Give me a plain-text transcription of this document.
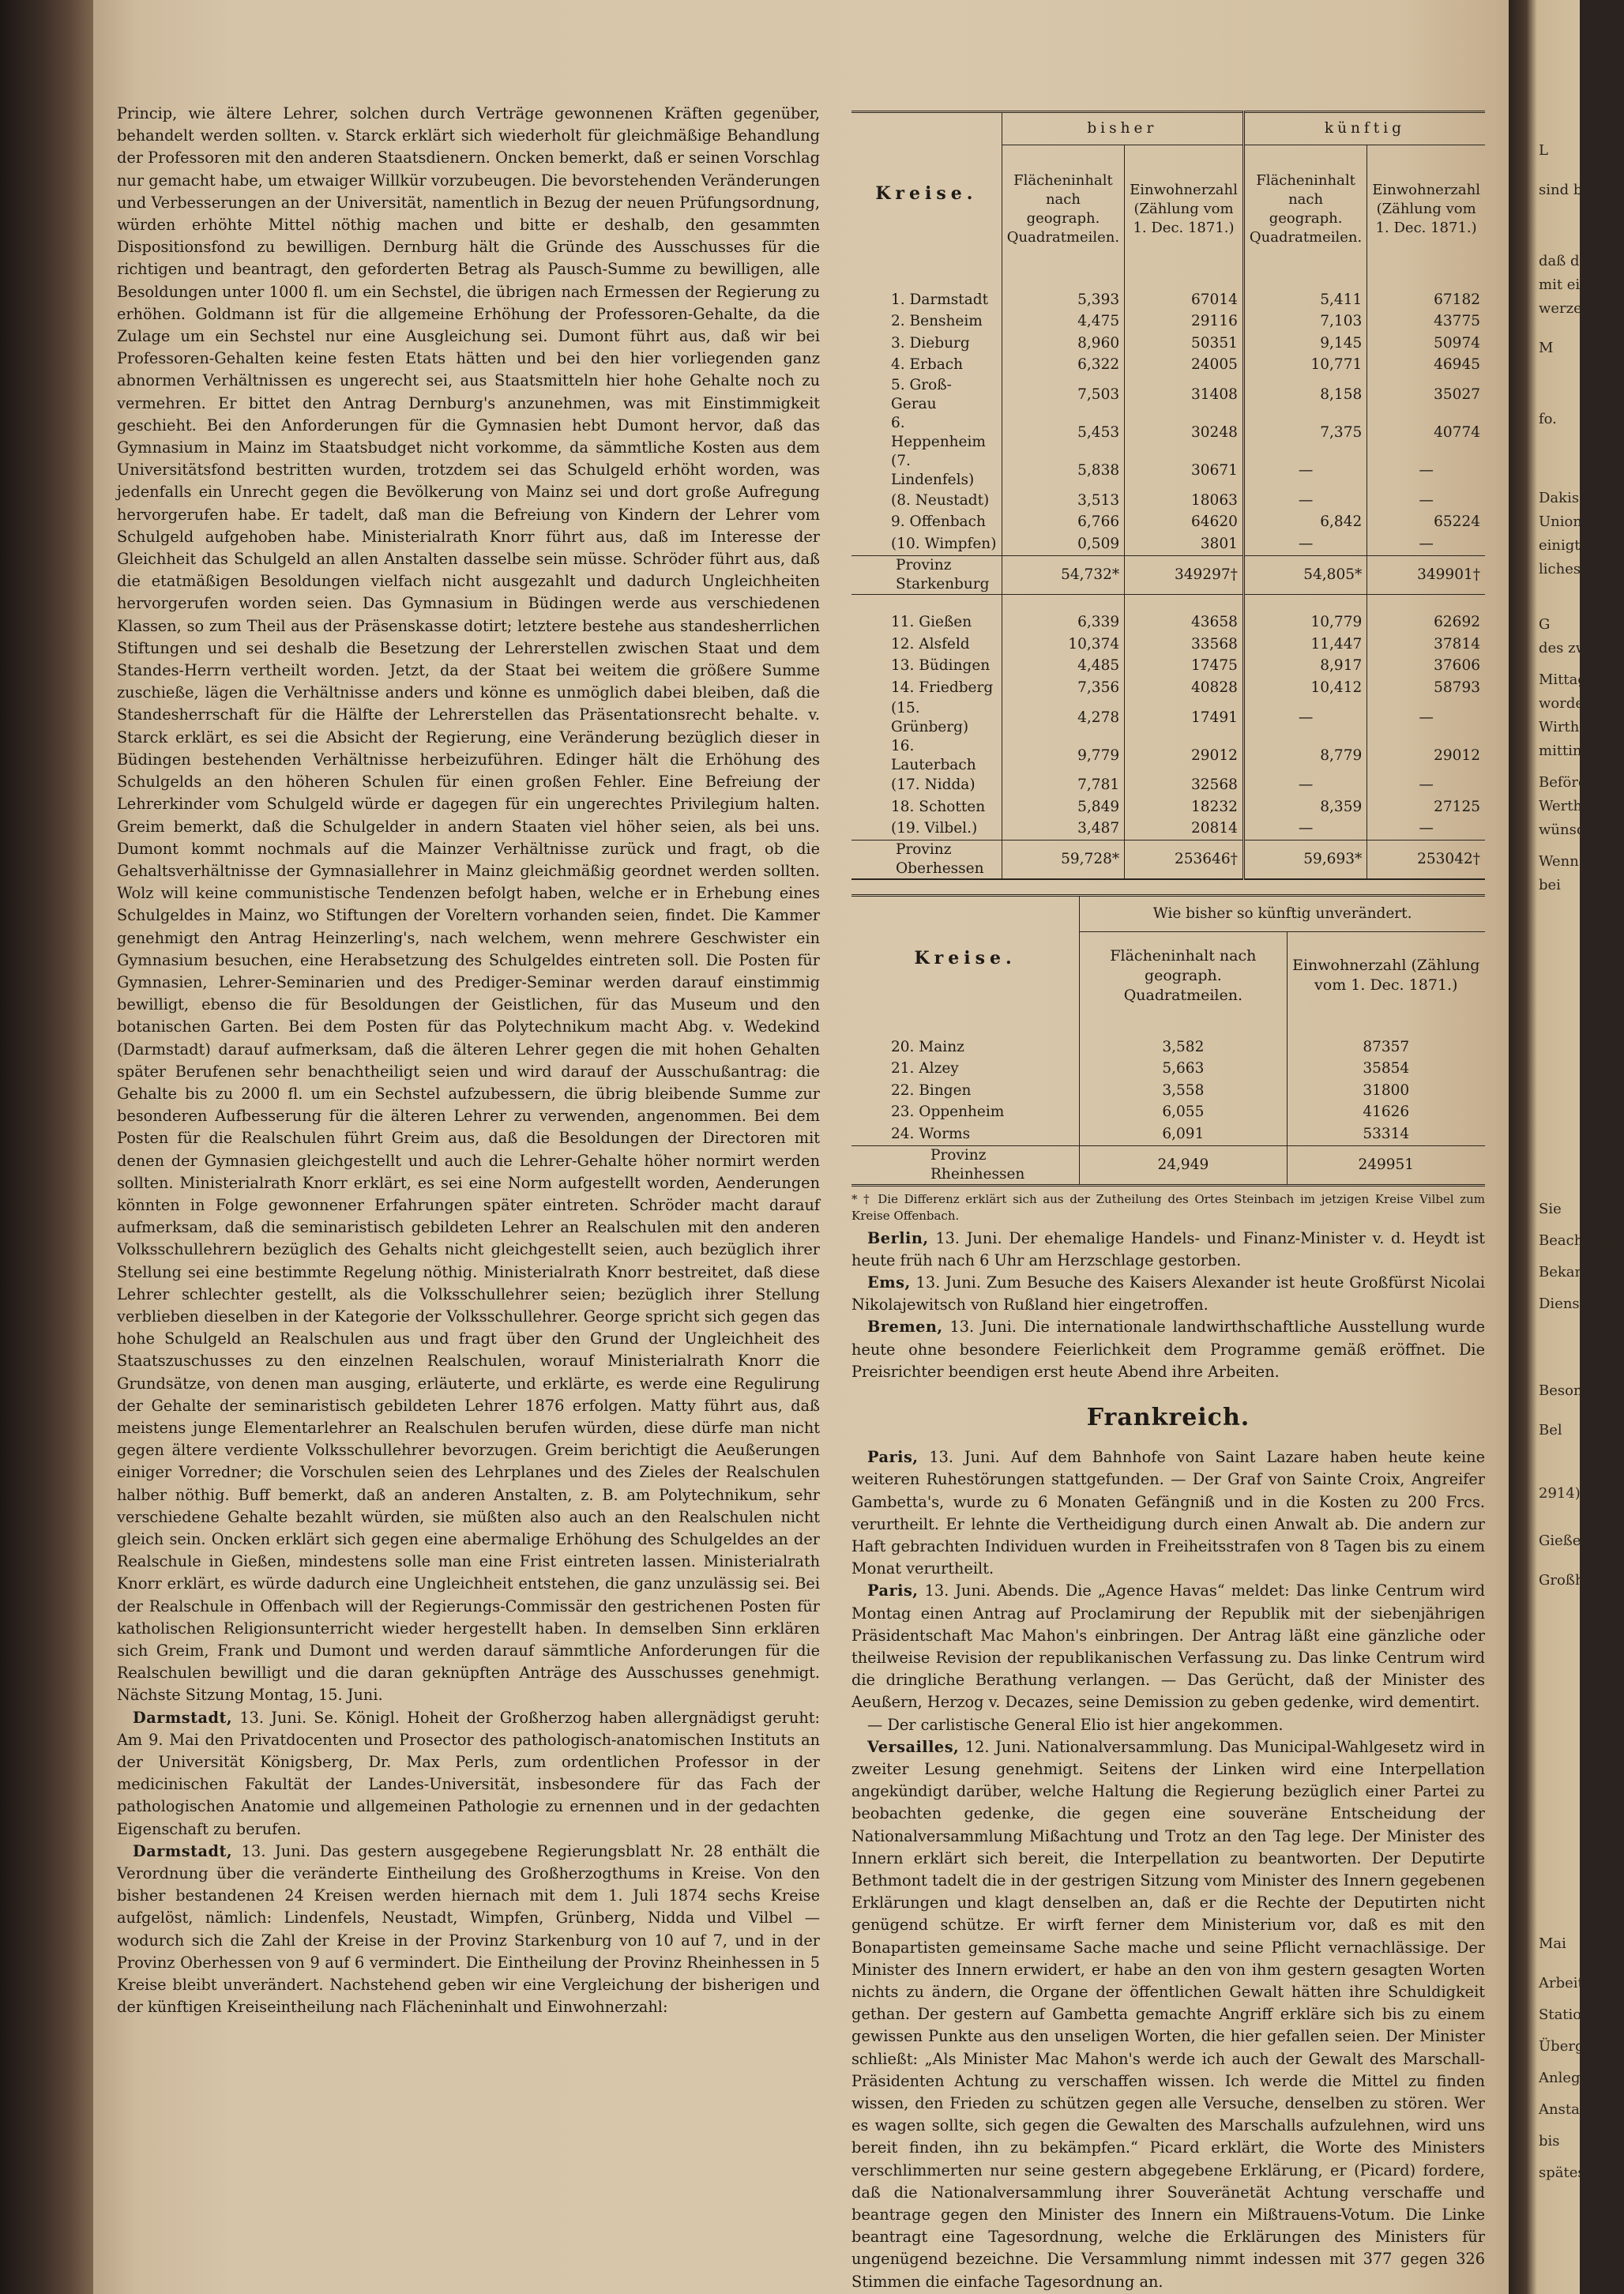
Princip, wie ältere Lehrer, solchen durch Verträge gewonnenen Kräften gegenüber, behandelt werden sollten. v. Starck erklärt sich wiederholt für gleichmäßige Behandlung der Professoren mit den anderen Staatsdienern. Oncken bemerkt, daß er seinen Vorschlag nur gemacht habe, um etwaiger Willkür vorzubeugen. Die bevorstehenden Veränderungen und Verbesserungen an der Universität, namentlich in Bezug der neuen Prüfungsordnung, würden erhöhte Mittel nöthig machen und bitte er deshalb, den gesammten Dispositionsfond zu bewilligen. Dernburg hält die Gründe des Ausschusses für die richtigen und beantragt, den geforderten Betrag als Pausch-Summe zu bewilligen, alle Besoldungen unter 1000 fl. um ein Sechstel, die übrigen nach Ermessen der Regierung zu erhöhen. Goldmann ist für die allgemeine Erhöhung der Professoren-Gehalte, da die Zulage um ein Sechstel nur eine Ausgleichung sei. Dumont führt aus, daß wir bei Professoren-Gehalten keine festen Etats hätten und bei den hier vorliegenden ganz abnormen Verhältnissen es ungerecht sei, aus Staatsmitteln hier hohe Gehalte noch zu vermehren. Er bittet den Antrag Dernburg's anzunehmen, was mit Einstimmigkeit geschieht. Bei den Anforderungen für die Gymnasien hebt Dumont hervor, daß das Gymnasium in Mainz im Staatsbudget nicht vorkomme, da sämmtliche Kosten aus dem Universitätsfond bestritten wurden, trotzdem sei das Schulgeld erhöht worden, was jedenfalls ein Unrecht gegen die Bevölkerung von Mainz sei und dort große Aufregung hervorgerufen habe. Er tadelt, daß man die Befreiung von Kindern der Lehrer vom Schulgeld aufgehoben habe. Ministerialrath Knorr führt aus, daß im Interesse der Gleichheit das Schulgeld an allen Anstalten dasselbe sein müsse. Schröder führt aus, daß die etatmäßigen Besoldungen vielfach nicht ausgezahlt und dadurch Ungleichheiten hervorgerufen worden seien. Das Gymnasium in Büdingen werde aus verschiedenen Klassen, so zum Theil aus der Präsenskasse dotirt; letztere bestehe aus standesherrlichen Stiftungen und sei deshalb die Besetzung der Lehrerstellen zwischen Staat und dem Standes-Herrn vertheilt worden. Jetzt, da der Staat bei weitem die größere Summe zuschieße, lägen die Verhältnisse anders und könne es unmöglich dabei bleiben, daß die Standesherrschaft für die Hälfte der Lehrerstellen das Präsentationsrecht behalte. v. Starck erklärt, es sei die Absicht der Regierung, eine Veränderung bezüglich dieser in Büdingen bestehenden Verhältnisse herbeizuführen. Edinger hält die Erhöhung des Schulgelds an den höheren Schulen für einen großen Fehler. Eine Befreiung der Lehrerkinder vom Schulgeld würde er dagegen für ein ungerechtes Privilegium halten. Greim bemerkt, daß die Schulgelder in andern Staaten viel höher seien, als bei uns. Dumont kommt nochmals auf die Mainzer Verhältnisse zurück und fragt, ob die Gehaltsverhältnisse der Gymnasiallehrer in Mainz gleichmäßig geordnet werden sollten. Wolz will keine communistische Tendenzen befolgt haben, welche er in Erhebung eines Schulgeldes in Mainz, wo Stiftungen der Voreltern vorhanden seien, findet. Die Kammer genehmigt den Antrag Heinzerling's, nach welchem, wenn mehrere Geschwister ein Gymnasium besuchen, eine Herabsetzung des Schulgeldes eintreten soll. Die Posten für Gymnasien, Lehrer-Seminarien und des Prediger-Seminar werden darauf einstimmig bewilligt, ebenso die für Besoldungen der Geistlichen, für das Museum und den botanischen Garten. Bei dem Posten für das Polytechnikum macht Abg. v. Wedekind (Darmstadt) darauf aufmerksam, daß die älteren Lehrer gegen die mit hohen Gehalten später Berufenen sehr benachtheiligt seien und wird darauf der Ausschußantrag: die Gehalte bis zu 2000 fl. um ein Sechstel aufzubessern, die übrig bleibende Summe zur besonderen Aufbesserung für die älteren Lehrer zu verwenden, angenommen. Bei dem Posten für die Realschulen führt Greim aus, daß die Besoldungen der Directoren mit denen der Gymnasien gleichgestellt und auch die Lehrer-Gehalte höher normirt werden sollten. Ministerialrath Knorr erklärt, es sei eine Norm aufgestellt worden, Aenderungen könnten in Folge gewonnener Erfahrungen später eintreten. Schröder macht darauf aufmerksam, daß die seminaristisch gebildeten Lehrer an Realschulen mit den anderen Volksschullehrern bezüglich des Gehalts nicht gleichgestellt seien, auch bezüglich ihrer Stellung sei eine bestimmte Regelung nöthig. Ministerialrath Knorr bestreitet, daß diese Lehrer schlechter gestellt, als die Volksschullehrer seien; bezüglich ihrer Stellung verblieben dieselben in der Kategorie der Volksschullehrer. George spricht sich gegen das hohe Schulgeld an Realschulen aus und fragt über den Grund der Ungleichheit des Staatszuschusses zu den einzelnen Realschulen, worauf Ministerialrath Knorr die Grundsätze, von denen man ausging, erläuterte, und erklärte, es werde eine Regulirung der Gehalte der seminaristisch gebildeten Lehrer 1876 erfolgen. Matty führt aus, daß meistens junge Elementarlehrer an Realschulen berufen würden, diese dürfe man nicht gegen ältere verdiente Volksschullehrer bevorzugen. Greim berichtigt die Aeußerungen einiger Vorredner; die Vorschulen seien des Lehrplanes und des Zieles der Realschulen halber nöthig. Buff bemerkt, daß an anderen Anstalten, z. B. am Polytechnikum, sehr verschiedene Gehalte bezahlt würden, sie müßten also auch an den Realschulen nicht gleich sein. Oncken erklärt sich gegen eine abermalige Erhöhung des Schulgeldes an der Realschule in Gießen, mindestens solle man eine Frist eintreten lassen. Ministerialrath Knorr erklärt, es würde dadurch eine Ungleichheit entstehen, die ganz unzulässig sei. Bei der Realschule in Offenbach will der Regierungs-Commissär den gestrichenen Posten für katholischen Religionsunterricht wieder hergestellt haben. In demselben Sinn erklären sich Greim, Frank und Dumont und werden darauf sämmtliche Anforderungen für die Realschulen bewilligt und die daran geknüpften Anträge des Ausschusses genehmigt. Nächste Sitzung Montag, 15. Juni.

Darmstadt, 13. Juni. Se. Königl. Hoheit der Großherzog haben allergnädigst geruht: Am 9. Mai den Privatdocenten und Prosector des pathologisch-anatomischen Instituts an der Universität Königsberg, Dr. Max Perls, zum ordentlichen Professor in der medicinischen Fakultät der Landes-Universität, insbesondere für das Fach der pathologischen Anatomie und allgemeinen Pathologie zu ernennen und in der gedachten Eigenschaft zu berufen.

Darmstadt, 13. Juni. Das gestern ausgegebene Regierungsblatt Nr. 28 enthält die Verordnung über die veränderte Eintheilung des Großherzogthums in Kreise. Von den bisher bestandenen 24 Kreisen werden hiernach mit dem 1. Juli 1874 sechs Kreise aufgelöst, nämlich: Lindenfels, Neustadt, Wimpfen, Grünberg, Nidda und Vilbel — wodurch sich die Zahl der Kreise in der Provinz Starkenburg von 10 auf 7, und in der Provinz Oberhessen von 9 auf 6 vermindert. Die Eintheilung der Provinz Rheinhessen in 5 Kreise bleibt unverändert. Nachstehend geben wir eine Vergleichung der bisherigen und der künftigen Kreiseintheilung nach Flächeninhalt und Einwohnerzahl:

Kreise.	bisher		künftig	
	Flächeninhalt nach geograph. Quadratmeilen.	Einwohnerzahl (Zählung vom 1. Dec. 1871.)	Flächeninhalt nach geograph. Quadratmeilen.	Einwohnerzahl (Zählung vom 1. Dec. 1871.)
1. Darmstadt	5,393	67014	5,411	67182
2. Bensheim	4,475	29116	7,103	43775
3. Dieburg	8,960	50351	9,145	50974
4. Erbach	6,322	24005	10,771	46945
5. Groß-Gerau	7,503	31408	8,158	35027
6. Heppenheim	5,453	30248	7,375	40774
(7. Lindenfels)	5,838	30671	—	—
(8. Neustadt)	3,513	18063	—	—
9. Offenbach	6,766	64620	6,842	65224
(10. Wimpfen)	0,509	3801	—	—
Provinz Starkenburg	54,732*	349297†	54,805*	349901†
11. Gießen	6,339	43658	10,779	62692
12. Alsfeld	10,374	33568	11,447	37814
13. Büdingen	4,485	17475	8,917	37606
14. Friedberg	7,356	40828	10,412	58793
(15. Grünberg)	4,278	17491	—	—
16. Lauterbach	9,779	29012	8,779	29012
(17. Nidda)	7,781	32568	—	—
18. Schotten	5,849	18232	8,359	27125
(19. Vilbel.)	3,487	20814	—	—
Provinz Oberhessen	59,728*	253646†	59,693*	253042†
Kreise.	Wie bisher so künftig unverändert.	
	Flächeninhalt nach geograph. Quadratmeilen.	Einwohnerzahl (Zählung vom 1. Dec. 1871.)
20. Mainz	3,582	87357
21. Alzey	5,663	35854
22. Bingen	3,558	31800
23. Oppenheim	6,055	41626
24. Worms	6,091	53314
Provinz Rheinhessen	24,949	249951
* † Die Differenz erklärt sich aus der Zutheilung des Ortes Steinbach im jetzigen Kreise Vilbel zum Kreise Offenbach.

Berlin, 13. Juni. Der ehemalige Handels- und Finanz-Minister v. d. Heydt ist heute früh nach 6 Uhr am Herzschlage gestorben.

Ems, 13. Juni. Zum Besuche des Kaisers Alexander ist heute Großfürst Nicolai Nikolajewitsch von Rußland hier eingetroffen.

Bremen, 13. Juni. Die internationale landwirthschaftliche Ausstellung wurde heute ohne besondere Feierlichkeit dem Programme gemäß eröffnet. Die Preisrichter beendigen erst heute Abend ihre Arbeiten.

Frankreich.

Paris, 13. Juni. Auf dem Bahnhofe von Saint Lazare haben heute keine weiteren Ruhestörungen stattgefunden. — Der Graf von Sainte Croix, Angreifer Gambetta's, wurde zu 6 Monaten Gefängniß und in die Kosten zu 200 Frcs. verurtheilt. Er lehnte die Vertheidigung durch einen Anwalt ab. Die andern zur Haft gebrachten Individuen wurden in Freiheitsstrafen von 8 Tagen bis zu einem Monat verurtheilt.

Paris, 13. Juni. Abends. Die „Agence Havas“ meldet: Das linke Centrum wird Montag einen Antrag auf Proclamirung der Republik mit der siebenjährigen Präsidentschaft Mac Mahon's einbringen. Der Antrag läßt eine gänzliche oder theilweise Revision der republikanischen Verfassung zu. Das linke Centrum wird die dringliche Berathung verlangen. — Das Gerücht, daß der Minister des Aeußern, Herzog v. Decazes, seine Demission zu geben gedenke, wird dementirt.

— Der carlistische General Elio ist hier angekommen.

Versailles, 12. Juni. Nationalversammlung. Das Municipal-Wahlgesetz wird in zweiter Lesung genehmigt. Seitens der Linken wird eine Interpellation angekündigt darüber, welche Haltung die Regierung bezüglich einer Partei zu beobachten gedenke, die gegen eine souveräne Entscheidung der Nationalversammlung Mißachtung und Trotz an den Tag lege. Der Minister des Innern erklärt sich bereit, die Interpellation zu beantworten. Der Deputirte Bethmont tadelt die in der gestrigen Sitzung vom Minister des Innern gegebenen Erklärungen und klagt denselben an, daß er die Rechte der Deputirten nicht genügend schütze. Er wirft ferner dem Ministerium vor, daß es mit den Bonapartisten gemeinsame Sache mache und seine Pflicht vernachlässige. Der Minister des Innern erwidert, er habe an den von ihm gestern gesagten Worten nichts zu ändern, die Organe der öffentlichen Gewalt hätten ihre Schuldigkeit gethan. Der gestern auf Gambetta gemachte Angriff erkläre sich bis zu einem gewissen Punkte aus den unseligen Worten, die hier gefallen seien. Der Minister schließt: „Als Minister Mac Mahon's werde ich auch der Gewalt des Marschall-Präsidenten Achtung zu verschaffen wissen. Ich werde die Mittel zu finden wissen, den Frieden zu schützen gegen alle Versuche, denselben zu stören. Wer es wagen sollte, sich gegen die Gewalten des Marschalls aufzulehnen, wird uns bereit finden, ihn zu bekämpfen.“ Picard erklärt, die Worte des Ministers verschlimmerten nur seine gestern abgegebene Erklärung, er (Picard) fordere, daß die Nationalversammlung ihrer Souveränetät Achtung verschaffe und beantrage gegen den Minister des Innern ein Mißtrauens-Votum. Die Linke beantragt eine Tagesordnung, welche die Erklärungen des Ministers für ungenügend bezeichne. Die Versammlung nimmt indessen mit 377 gegen 326 Stimmen die einfache Tagesordnung an.

L
sind be
daß d
mit ein
werzeit
M
fo.
Dakis
Union,
einigt
liches
G
des zweiten
Mittag
worden
Wirth
mitting
Beförde
Werth
wünschen
Wenn
bei
Sie
Beachtung
Bekannt
Dienste
Besond
Bel
2914)
Gießen,
Großhe
Mai
Arbeiten
Station
Übergang
Anlegun
Anstalt
bis
spätesten
